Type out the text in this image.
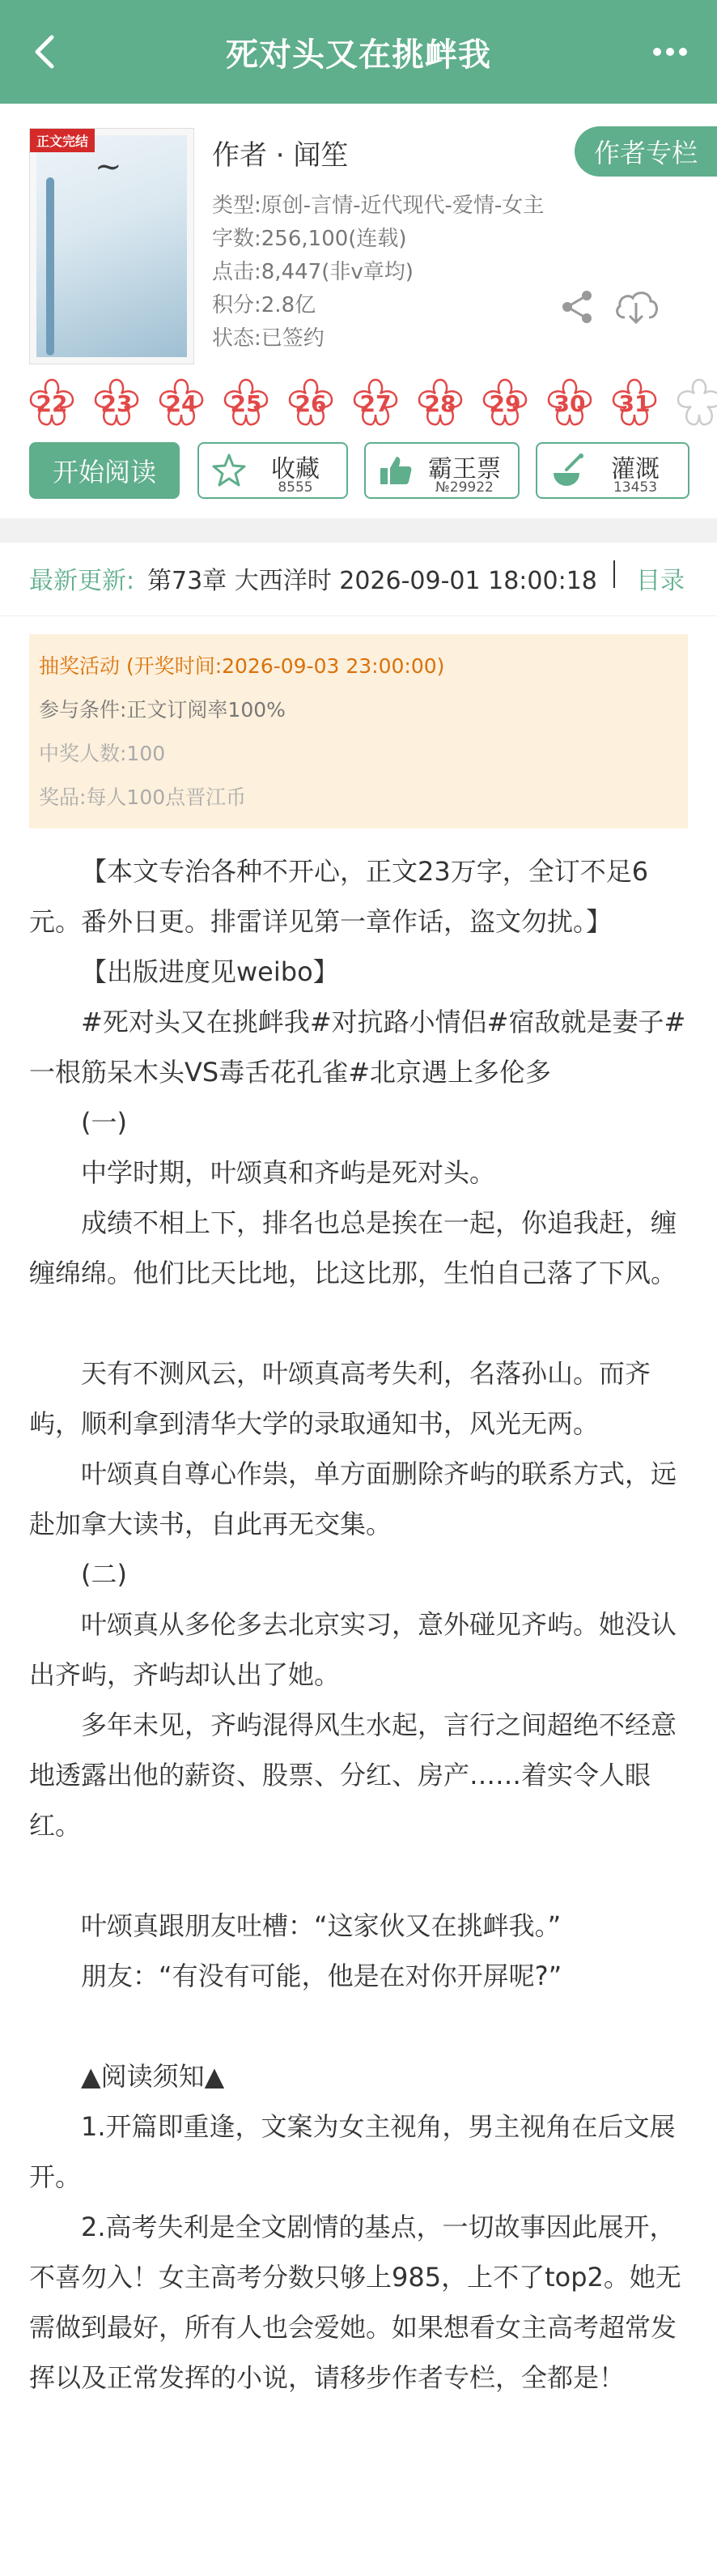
死对头又在挑衅我
~
正文完结	作者 · 闻笙	作者专栏
类型:原创-言情-近代现代-爱情-女主
字数:256,100(连载)
点击:8,447(非v章均)
积分:2.8亿
状态:已签约
22	23	24	25	26	27	28	29	30	31
开始阅读	收藏
8555
霸王票
№29922
灌溉
13453
最新更新: 第73章 大西洋时 2026-09-01 18:00:18 目录
抽奖活动 (开奖时间:2026-09-03 23:00:00)
参与条件:正文订阅率100%
中奖人数:100
奖品:每人100点晋江币

【本文专治各种不开心，正文23万字，全订不足6元。番外日更。排雷详见第一章作话，盗文勿扰。】

【出版进度见weibo】

#死对头又在挑衅我#对抗路小情侣#宿敌就是妻子#一根筋呆木头VS毒舌花孔雀#北京遇上多伦多

(一)

中学时期，叶颂真和齐屿是死对头。

成绩不相上下，排名也总是挨在一起，你追我赶，缠缠绵绵。他们比天比地，比这比那，生怕自己落了下风。

天有不测风云，叶颂真高考失利，名落孙山。而齐屿，顺利拿到清华大学的录取通知书，风光无两。

叶颂真自尊心作祟，单方面删除齐屿的联系方式，远赴加拿大读书，自此再无交集。

(二)

叶颂真从多伦多去北京实习，意外碰见齐屿。她没认出齐屿，齐屿却认出了她。

多年未见，齐屿混得风生水起，言行之间超绝不经意地透露出他的薪资、股票、分红、房产……着实令人眼红。

叶颂真跟朋友吐槽：“这家伙又在挑衅我。”

朋友：“有没有可能，他是在对你开屏呢?”

▲阅读须知▲

1.开篇即重逢，文案为女主视角，男主视角在后文展开。

2.高考失利是全文剧情的基点，一切故事因此展开，不喜勿入！女主高考分数只够上985，上不了top2。她无需做到最好，所有人也会爱她。如果想看女主高考超常发挥以及正常发挥的小说，请移步作者专栏，全都是！
